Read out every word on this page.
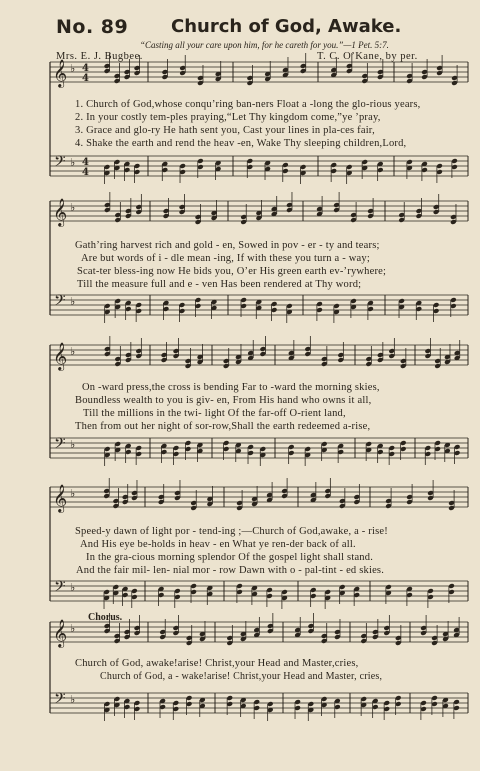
𝄞 ♭ 4
4
𝄢 ♭ 4
4
𝄞 ♭
𝄢 ♭
𝄞 ♭
𝄢 ♭
𝄞 ♭
𝄢 ♭
𝄞 ♭
𝄢 ♭
No. 89 Church of God, Awake.
“Casting all your care upon him, for he careth for you.”—1 Pet. 5:7.
Mrs. E. J. Bugbee.	T. C. O’Kane, by per.
1. Church of God,whose conqu’ring ban-ners Float a -long the glo-rious years,
2. In your costly tem-ples praying,“Let Thy kingdom come,”ye ’pray,
3. Grace and glo-ry He hath sent you, Cast your lines in pla-ces fair,
4. Shake the earth and rend the heav -en, Wake Thy sleeping children,Lord,
Gath’ring harvest rich and gold - en, Sowed in pov - er - ty and tears;
Are but words of i - dle mean -ing, If with these you turn a - way;
Scat-ter bless-ing now He bids you, O’er His green earth ev-’rywhere;
Till the measure full and e - ven Has been rendered at Thy word;
On -ward press,the cross is bending Far to -ward the morning skies,
Boundless wealth to you is giv- en, From His hand who owns it all,
Till the millions in the twi- light Of the far-off O-rient land,
Then from out her night of sor-row,Shall the earth redeemed a-rise,
Speed-y dawn of light por - tend-ing ;—Church of God,awake, a - rise!
And His eye be-holds in heav - en What ye ren-der back of all.
In the gra-cious morning splendor Of the gospel light shall stand.
And the fair mil- len- nial mor - row Dawn with o - pal-tint - ed skies.
Chorus.
Church of God, awake!arise! Christ,your Head and Master,cries,
Church of God, a - wake!arise! Christ,your Head and Master, cries,
